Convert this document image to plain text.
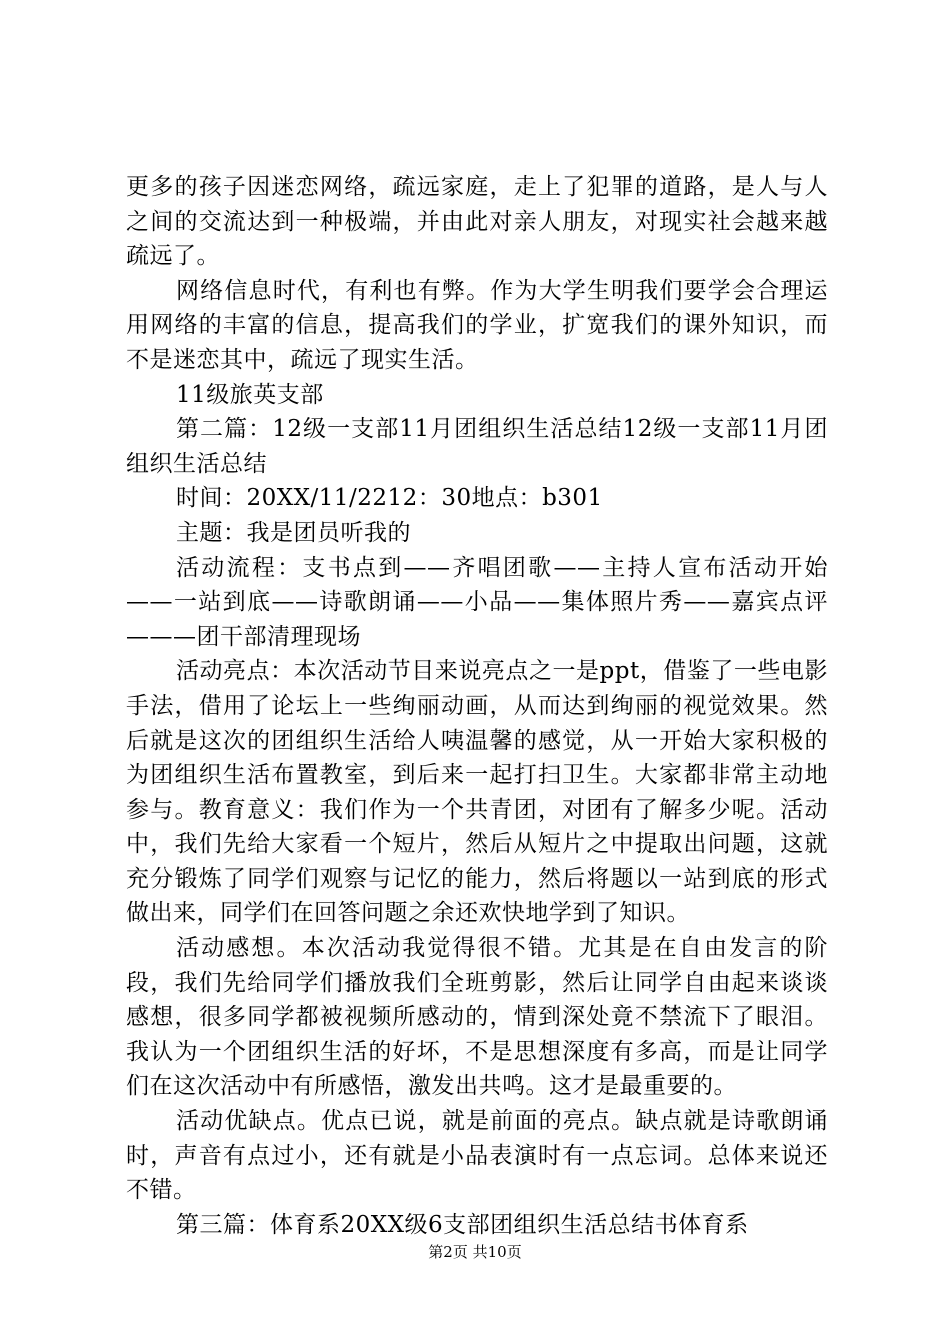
更多的孩子因迷恋网络，疏远家庭，走上了犯罪的道路，是人与人之间的交流达到一种极端，并由此对亲人朋友，对现实社会越来越疏远了。

网络信息时代，有利也有弊。作为大学生明我们要学会合理运用网络的丰富的信息，提高我们的学业，扩宽我们的课外知识，而不是迷恋其中，疏远了现实生活。

11级旅英支部

第二篇：12级一支部11月团组织生活总结12级一支部11月团组织生活总结

时间：20XX/11/2212：30地点：b301

主题：我是团员听我的

活动流程：支书点到——齐唱团歌——主持人宣布活动开始——一站到底——诗歌朗诵——小品——集体照片秀——嘉宾点评———团干部清理现场

活动亮点：本次活动节目来说亮点之一是ppt，借鉴了一些电影手法，借用了论坛上一些绚丽动画，从而达到绚丽的视觉效果。然后就是这次的团组织生活给人咦温馨的感觉，从一开始大家积极的为团组织生活布置教室，到后来一起打扫卫生。大家都非常主动地参与。教育意义：我们作为一个共青团，对团有了解多少呢。活动中，我们先给大家看一个短片，然后从短片之中提取出问题，这就充分锻炼了同学们观察与记忆的能力，然后将题以一站到底的形式做出来，同学们在回答问题之余还欢快地学到了知识。

活动感想。本次活动我觉得很不错。尤其是在自由发言的阶段，我们先给同学们播放我们全班剪影，然后让同学自由起来谈谈感想，很多同学都被视频所感动的，情到深处竟不禁流下了眼泪。我认为一个团组织生活的好坏，不是思想深度有多高，而是让同学们在这次活动中有所感悟，激发出共鸣。这才是最重要的。

活动优缺点。优点已说，就是前面的亮点。缺点就是诗歌朗诵时，声音有点过小，还有就是小品表演时有一点忘词。总体来说还不错。

第三篇：体育系20XX级6支部团组织生活总结书体育系

第2页 共10页
